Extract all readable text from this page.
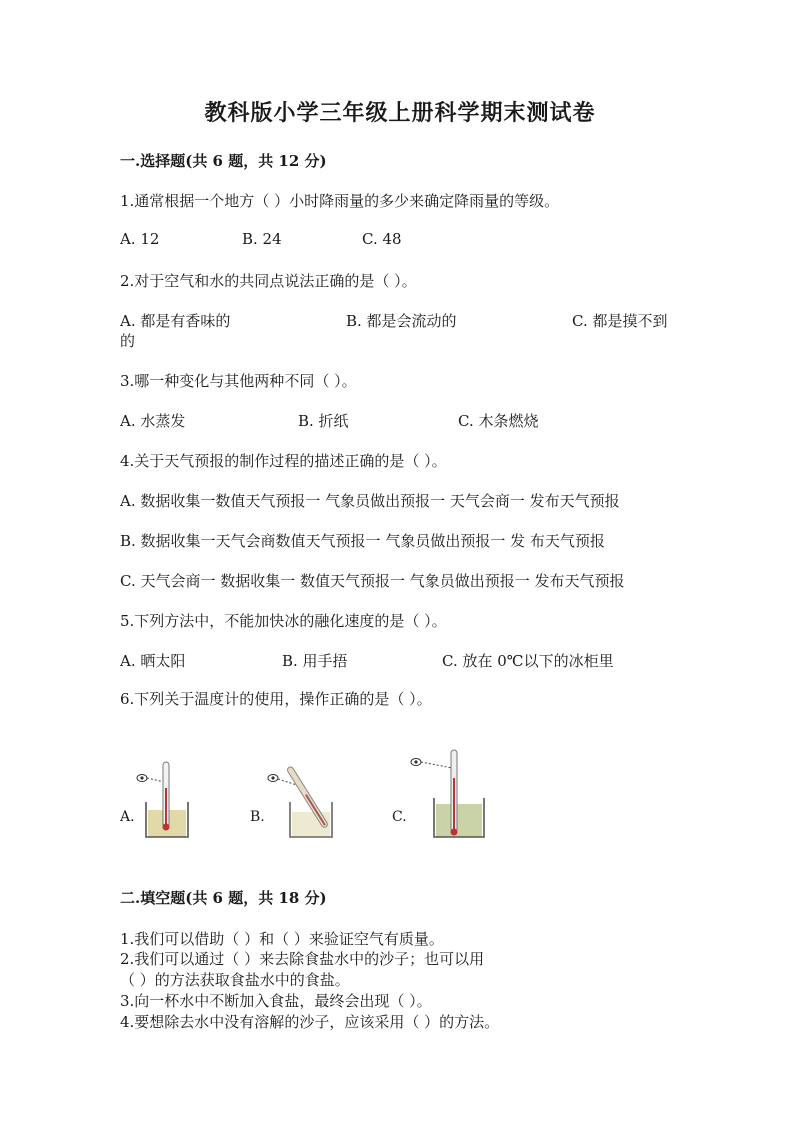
教科版小学三年级上册科学期末测试卷
一.选择题(共 6 题，共 12 分)
1.通常根据一个地方（ ）小时降雨量的多少来确定降雨量的等级。
A. 12	B. 24	C. 48
2.对于空气和水的共同点说法正确的是（ ）。
A. 都是有香味的	B. 都是会流动的	C. 都是摸不到
的
3.哪一种变化与其他两种不同（ ）。
A. 水蒸发	B. 折纸	C. 木条燃烧
4.关于天气预报的制作过程的描述正确的是（ ）。
A. 数据收集一数值天气预报一 气象员做出预报一 天气会商一 发布天气预报
B. 数据收集一天气会商数值天气预报一 气象员做出预报一 发 布天气预报
C. 天气会商一 数据收集一 数值天气预报一 气象员做出预报一 发布天气预报
5.下列方法中，不能加快冰的融化速度的是（ ）。
A. 晒太阳	B. 用手捂	C. 放在 0℃以下的冰柜里
6.下列关于温度计的使用，操作正确的是（ ）。
A.	B.	C.
二.填空题(共 6 题，共 18 分)
1.我们可以借助（ ）和（ ）来验证空气有质量。
2.我们可以通过（ ）来去除食盐水中的沙子；也可以用
（ ）的方法获取食盐水中的食盐。
3.向一杯水中不断加入食盐，最终会出现（ ）。
4.要想除去水中没有溶解的沙子，应该采用（ ）的方法。
